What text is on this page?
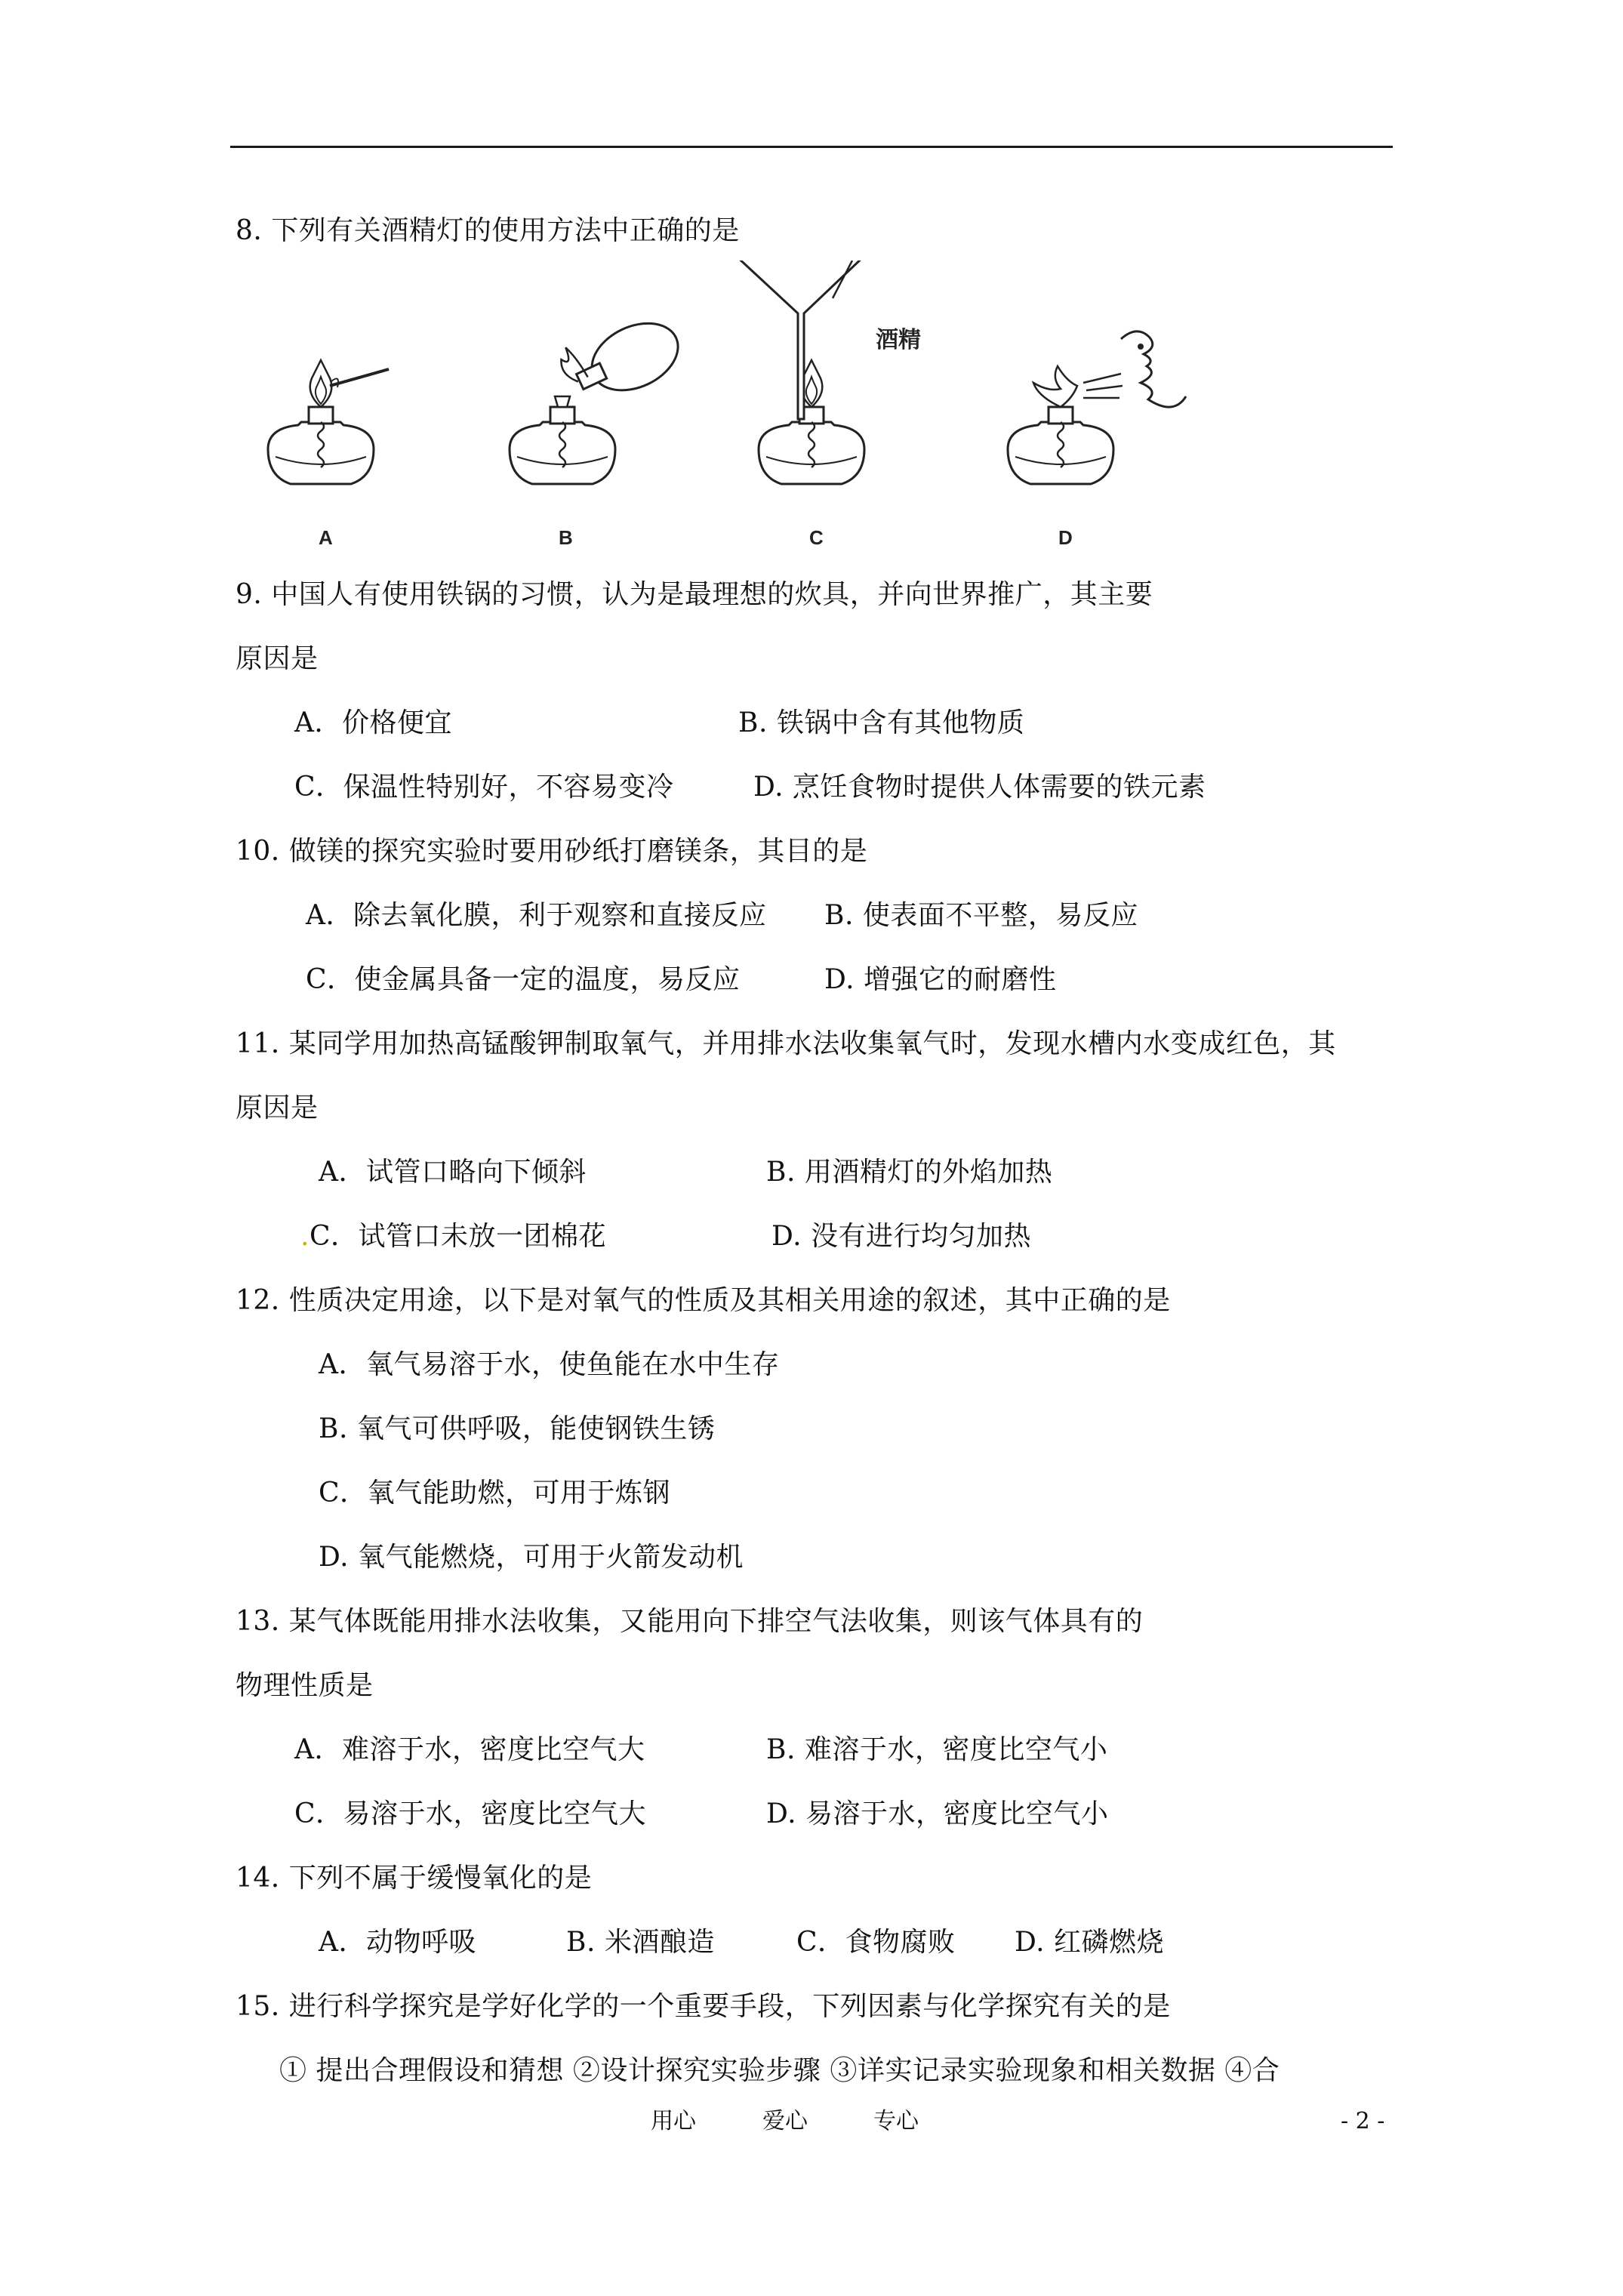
8. 下列有关酒精灯的使用方法中正确的是
酒精
A	B	C	D
9. 中国人有使用铁锅的习惯，认为是最理想的炊具，并向世界推广，其主要
原因是
A．价格便宜	B. 铁锅中含有其他物质
C．保温性特别好，不容易变冷	D. 烹饪食物时提供人体需要的铁元素
10. 做镁的探究实验时要用砂纸打磨镁条，其目的是
A．除去氧化膜，利于观察和直接反应 B. 使表面不平整，易反应
C．使金属具备一定的温度，易反应	D. 增强它的耐磨性
11. 某同学用加热高锰酸钾制取氧气，并用排水法收集氧气时，发现水槽内水变成红色，其
原因是
A．试管口略向下倾斜	B. 用酒精灯的外焰加热
.C．试管口未放一团棉花	D. 没有进行均匀加热
12. 性质决定用途，以下是对氧气的性质及其相关用途的叙述，其中正确的是
A．氧气易溶于水，使鱼能在水中生存
B. 氧气可供呼吸，能使钢铁生锈
C．氧气能助燃，可用于炼钢
D. 氧气能燃烧，可用于火箭发动机
13. 某气体既能用排水法收集，又能用向下排空气法收集，则该气体具有的
物理性质是
A．难溶于水，密度比空气大	B. 难溶于水，密度比空气小
C．易溶于水，密度比空气大	D. 易溶于水，密度比空气小
14. 下列不属于缓慢氧化的是
A．动物呼吸	B. 米酒酿造	C．食物腐败 D. 红磷燃烧
15. 进行科学探究是学好化学的一个重要手段，下列因素与化学探究有关的是
① 提出合理假设和猜想 ②设计探究实验步骤 ③详实记录实验现象和相关数据 ④合
用心	爱心	专心	- 2 -
